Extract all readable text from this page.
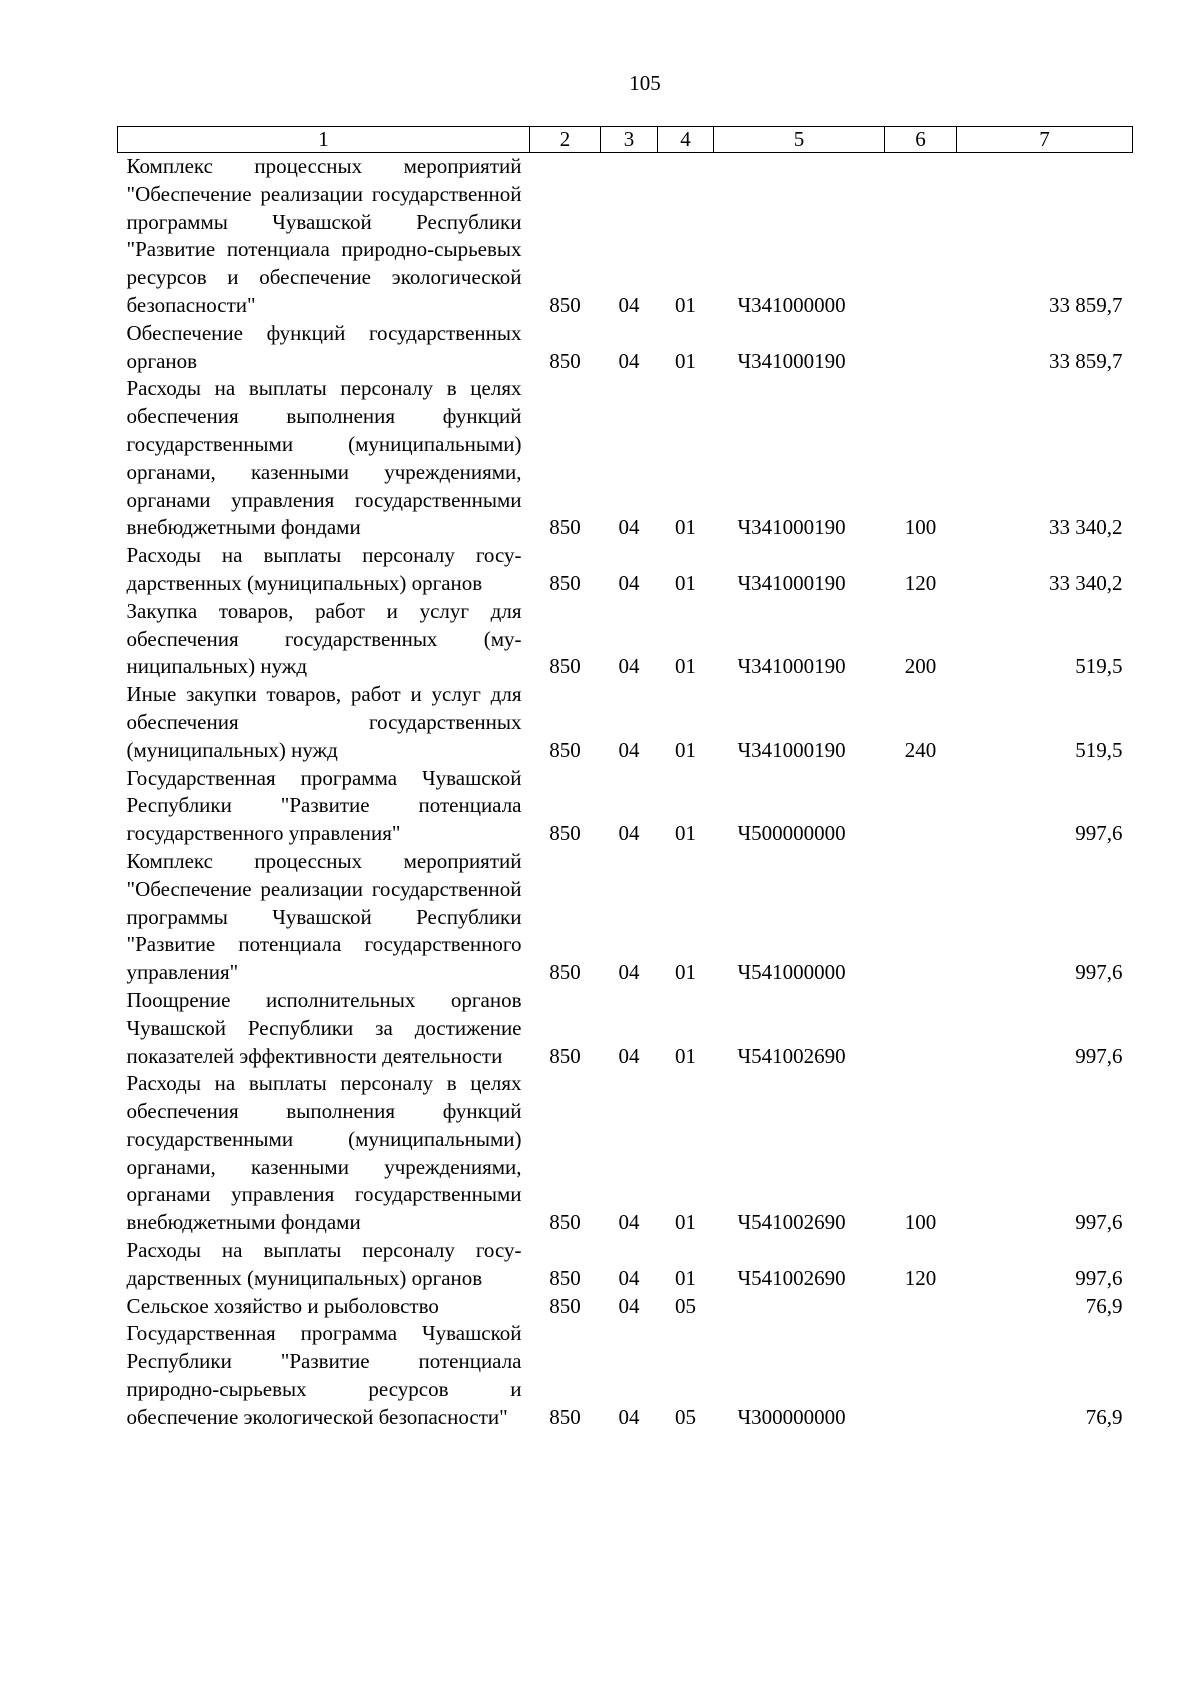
105
1	2	3	4	5	6	7
Комплекс процессных мероприятий "Обеспечение реализации государственной программы Чувашской Республики "Развитие потенциала природно-сырьевых ресурсов и обеспечение экологической безопасности"	850	04	01	Ч341000000		33 859,7
Обеспечение функций государственных органов	850	04	01	Ч341000190		33 859,7
Расходы на выплаты персоналу в целях обеспечения выполнения функций государственными (муниципальными) органами, казенными учреждениями, органами управления государственными внебюджетными фондами	850	04	01	Ч341000190	100	33 340,2
Расходы на выплаты персоналу государственных (муниципальных) органов	850	04	01	Ч341000190	120	33 340,2
Закупка товаров, работ и услуг для обеспечения государственных (муниципальных) нужд	850	04	01	Ч341000190	200	519,5
Иные закупки товаров, работ и услуг для обеспечения государственных (муниципальных) нужд	850	04	01	Ч341000190	240	519,5
Государственная программа Чувашской Республики "Развитие потенциала государственного управления"	850	04	01	Ч500000000		997,6
Комплекс процессных мероприятий "Обеспечение реализации государственной программы Чувашской Республики "Развитие потенциала государственного управления"	850	04	01	Ч541000000		997,6
Поощрение исполнительных органов Чувашской Республики за достижение показателей эффективности деятельности	850	04	01	Ч541002690		997,6
Расходы на выплаты персоналу в целях обеспечения выполнения функций государственными (муниципальными) органами, казенными учреждениями, органами управления государственными внебюджетными фондами	850	04	01	Ч541002690	100	997,6
Расходы на выплаты персоналу государственных (муниципальных) органов	850	04	01	Ч541002690	120	997,6
Сельское хозяйство и рыболовство	850	04	05			76,9
Государственная программа Чувашской Республики "Развитие потенциала природно-сырьевых ресурсов и обеспечение экологической безопасности"	850	04	05	Ч300000000		76,9
